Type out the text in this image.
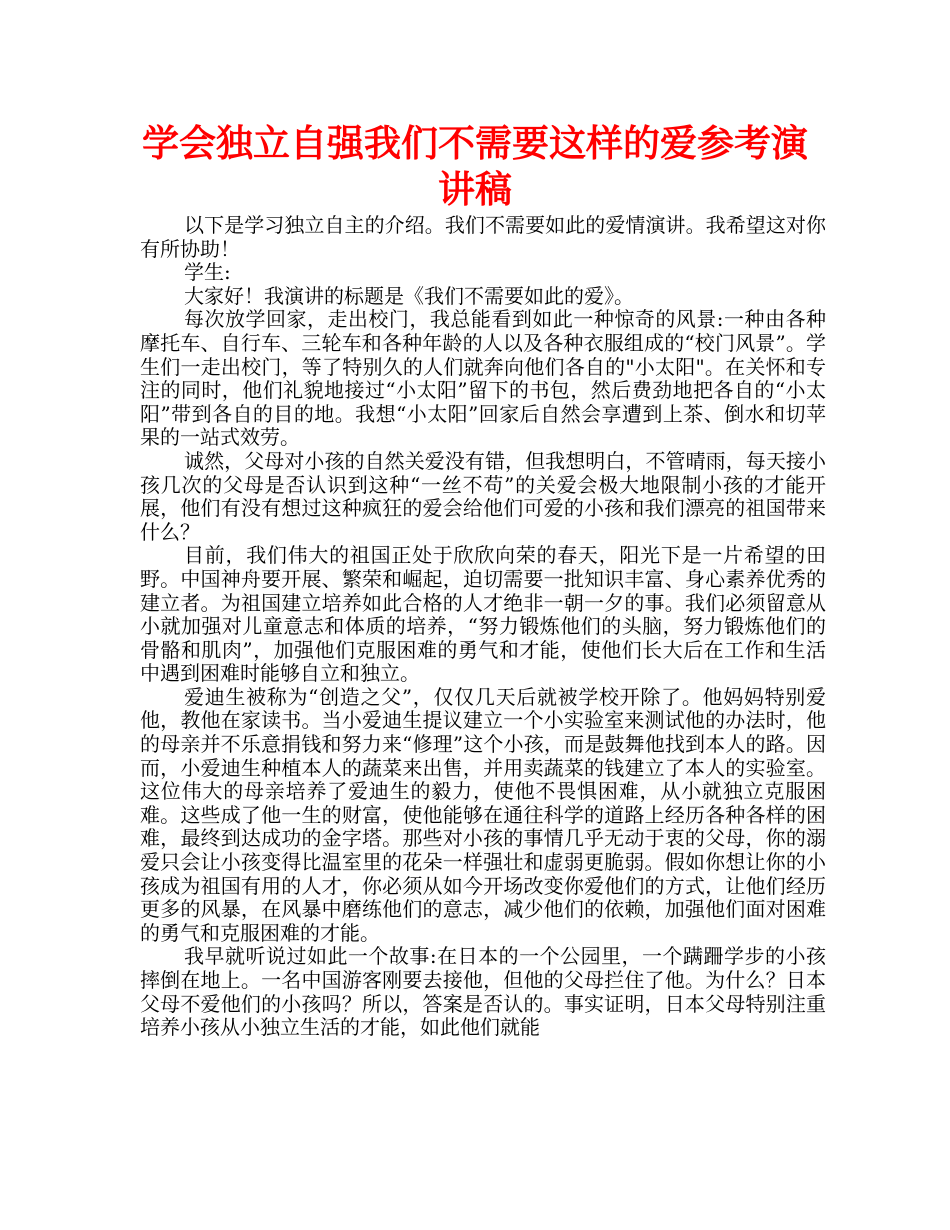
学会独立自强我们不需要这样的爱参考演讲稿

以下是学习独立自主的介绍。我们不需要如此的爱情演讲。我希望这对你有所协助！

学生:

大家好！我演讲的标题是《我们不需要如此的爱》。

每次放学回家，走出校门，我总能看到如此一种惊奇的风景:一种由各种摩托车、自行车、三轮车和各种年龄的人以及各种衣服组成的“校门风景”。学生们一走出校门，等了特别久的人们就奔向他们各自的"小太阳"。在关怀和专注的同时，他们礼貌地接过“小太阳”留下的书包，然后费劲地把各自的“小太阳”带到各自的目的地。我想“小太阳”回家后自然会享遭到上茶、倒水和切苹果的一站式效劳。

诚然，父母对小孩的自然关爱没有错，但我想明白，不管晴雨，每天接小孩几次的父母是否认识到这种“一丝不苟”的关爱会极大地限制小孩的才能开展，他们有没有想过这种疯狂的爱会给他们可爱的小孩和我们漂亮的祖国带来什么？

目前，我们伟大的祖国正处于欣欣向荣的春天，阳光下是一片希望的田野。中国神舟要开展、繁荣和崛起，迫切需要一批知识丰富、身心素养优秀的建立者。为祖国建立培养如此合格的人才绝非一朝一夕的事。我们必须留意从小就加强对儿童意志和体质的培养，“努力锻炼他们的头脑，努力锻炼他们的骨骼和肌肉”，加强他们克服困难的勇气和才能，使他们长大后在工作和生活中遇到困难时能够自立和独立。

爱迪生被称为“创造之父”，仅仅几天后就被学校开除了。他妈妈特别爱他，教他在家读书。当小爱迪生提议建立一个小实验室来测试他的办法时，他的母亲并不乐意捐钱和努力来“修理”这个小孩，而是鼓舞他找到本人的路。因而，小爱迪生种植本人的蔬菜来出售，并用卖蔬菜的钱建立了本人的实验室。这位伟大的母亲培养了爱迪生的毅力，使他不畏惧困难，从小就独立克服困难。这些成了他一生的财富，使他能够在通往科学的道路上经历各种各样的困难，最终到达成功的金字塔。那些对小孩的事情几乎无动于衷的父母，你的溺爱只会让小孩变得比温室里的花朵一样强壮和虚弱更脆弱。假如你想让你的小孩成为祖国有用的人才，你必须从如今开场改变你爱他们的方式，让他们经历更多的风暴，在风暴中磨练他们的意志，减少他们的依赖，加强他们面对困难的勇气和克服困难的才能。

我早就听说过如此一个故事:在日本的一个公园里，一个蹒跚学步的小孩摔倒在地上。一名中国游客刚要去接他，但他的父母拦住了他。为什么？日本父母不爱他们的小孩吗？所以，答案是否认的。事实证明，日本父母特别注重培养小孩从小独立生活的才能，如此他们就能
